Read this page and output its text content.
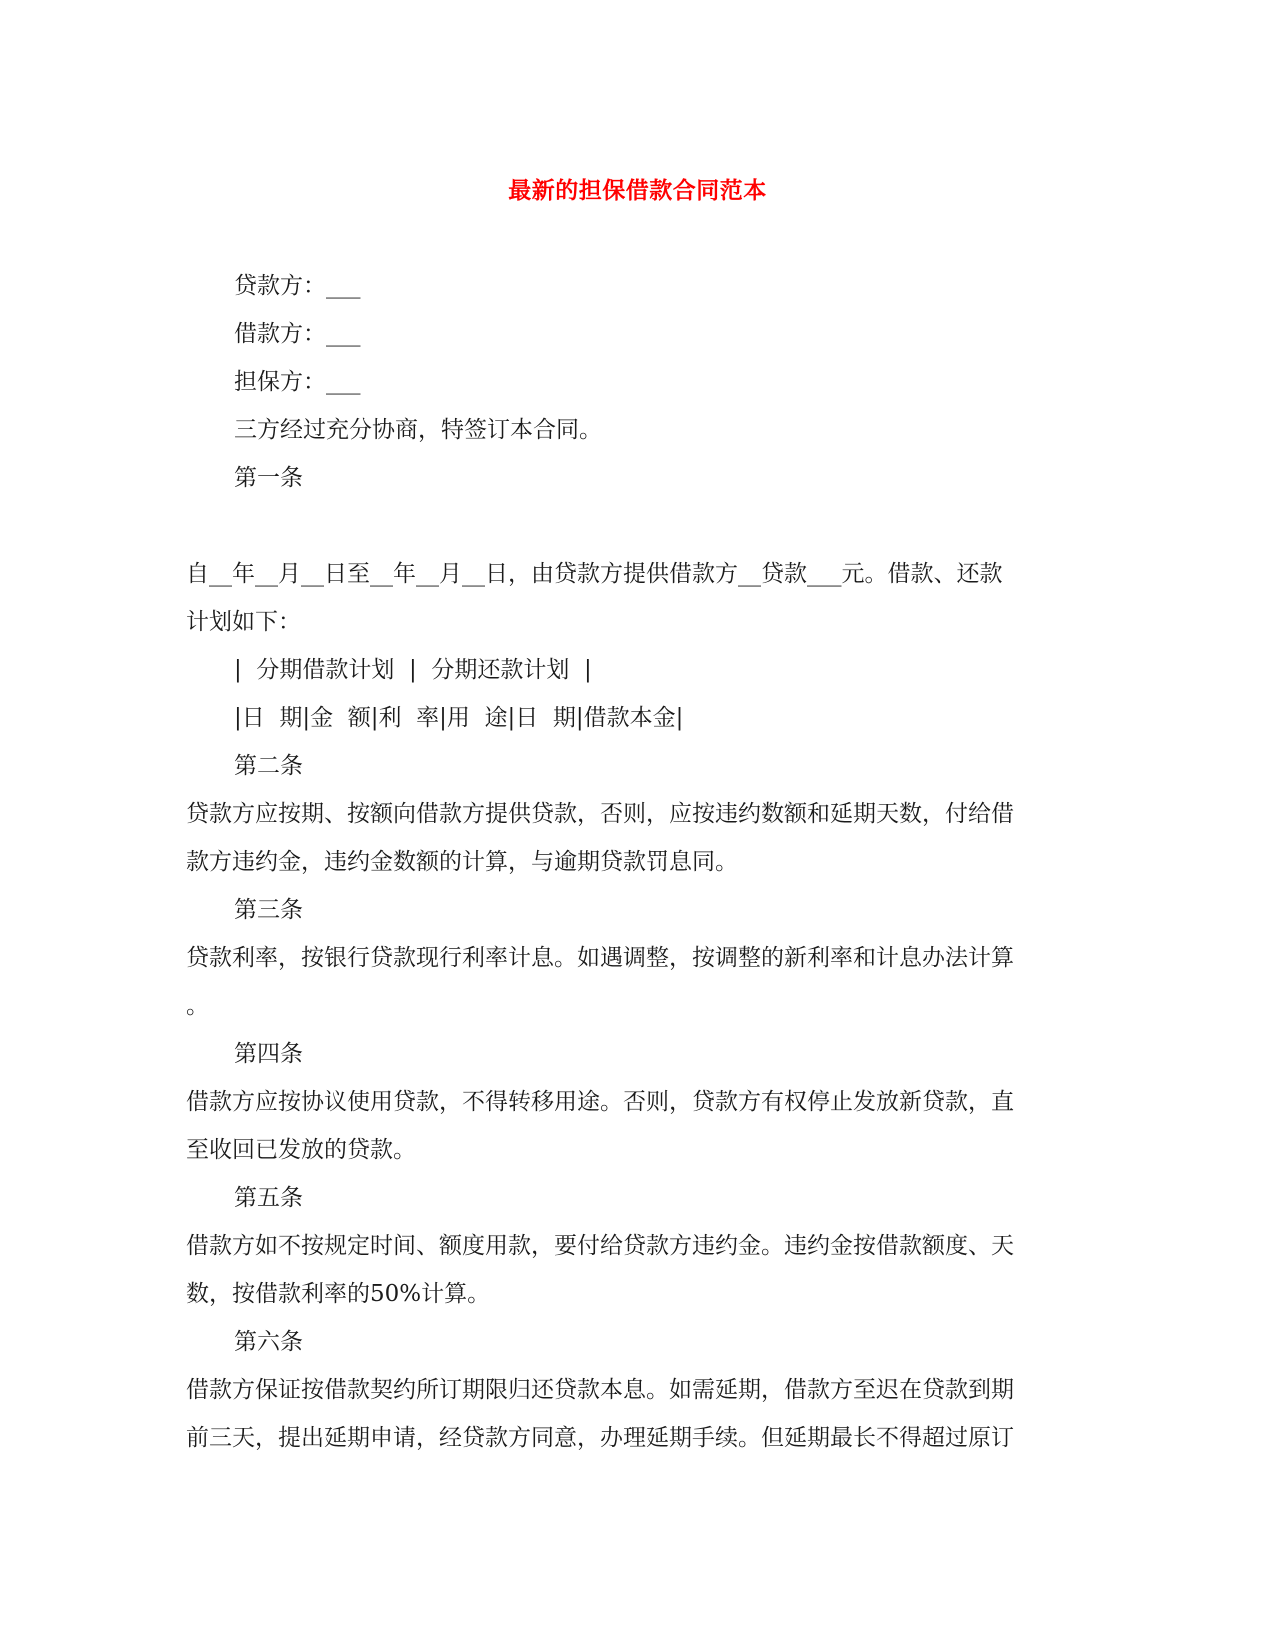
最新的担保借款合同范本

贷款方：___

借款方：___

担保方：___

三方经过充分协商，特签订本合同。

第一条

自__年__月__日至__年__月__日，由贷款方提供借款方__贷款___元。借款、还款

计划如下：

|  分期借款计划  |  分期还款计划  |

|日  期|金  额|利  率|用  途|日  期|借款本金|

第二条

贷款方应按期、按额向借款方提供贷款，否则，应按违约数额和延期天数，付给借

款方违约金，违约金数额的计算，与逾期贷款罚息同。

第三条

贷款利率，按银行贷款现行利率计息。如遇调整，按调整的新利率和计息办法计算

。

第四条

借款方应按协议使用贷款，不得转移用途。否则，贷款方有权停止发放新贷款，直

至收回已发放的贷款。

第五条

借款方如不按规定时间、额度用款，要付给贷款方违约金。违约金按借款额度、天

数，按借款利率的50%计算。

第六条

借款方保证按借款契约所订期限归还贷款本息。如需延期，借款方至迟在贷款到期

前三天，提出延期申请，经贷款方同意，办理延期手续。但延期最长不得超过原订
